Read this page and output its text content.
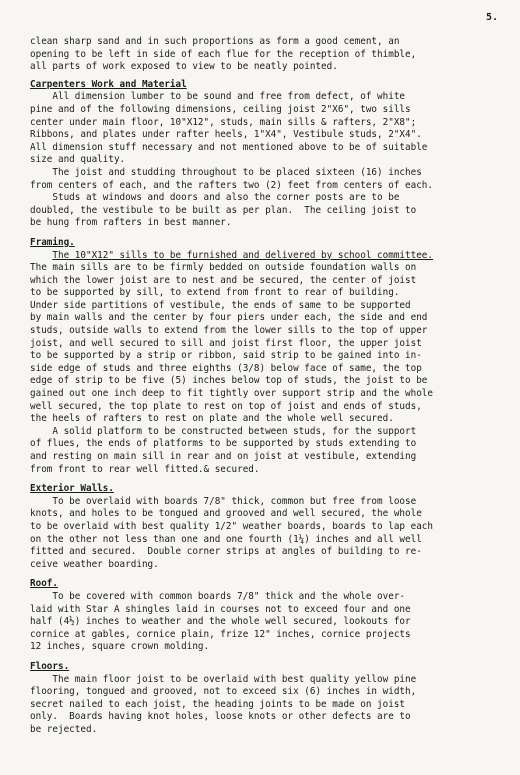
5.
clean sharp sand and in such proportions as form a good cement, an
opening to be left in side of each flue for the reception of thimble,
all parts of work exposed to view to be neatly pointed.
Carpenters Work and Material
All dimension lumber to be sound and free from defect, of white
pine and of the following dimensions, ceiling joist 2"X6", two sills
center under main floor, 10"X12", studs, main sills & rafters, 2"X8";
Ribbons, and plates under rafter heels, 1"X4", Vestibule studs, 2"X4".
All dimension stuff necessary and not mentioned above to be of suitable
size and quality.
The joist and studding throughout to be placed sixteen (16) inches
from centers of each, and the rafters two (2) feet from centers of each.
Studs at windows and doors and also the corner posts are to be
doubled, the vestibule to be built as per plan.  The ceiling joist to
be hung from rafters in best manner.
Framing.
The 10"X12" sills to be furnished and delivered by school committee.
The main sills are to be firmly bedded on outside foundation walls on
which the lower joist are to nest and be secured, the center of joist
to be supported by sill, to extend from front to rear of building.
Under side partitions of vestibule, the ends of same to be supported
by main walls and the center by four piers under each, the side and end
studs, outside walls to extend from the lower sills to the top of upper
joist, and well secured to sill and joist first floor, the upper joist
to be supported by a strip or ribbon, said strip to be gained into in-
side edge of studs and three eighths (3/8) below face of same, the top
edge of strip to be five (5) inches below top of studs, the joist to be
gained out one inch deep to fit tightly over support strip and the whole
well secured, the top plate to rest on top of joist and ends of studs,
the heels of rafters to rest on plate and the whole well secured.
A solid platform to be constructed between studs, for the support
of flues, the ends of platforms to be supported by studs extending to
and resting on main sill in rear and on joist at vestibule, extending
from front to rear well fitted.& secured.
Exterior Walls.
To be overlaid with boards 7/8" thick, common but free from loose
knots, and holes to be tongued and grooved and well secured, the whole
to be overlaid with best quality 1/2" weather boards, boards to lap each
on the other not less than one and one fourth (1¼) inches and all well
fitted and secured.  Double corner strips at angles of building to re-
ceive weather boarding.
Roof.
To be covered with common boards 7/8" thick and the whole over-
laid with Star A shingles laid in courses not to exceed four and one
half (4½) inches to weather and the whole well secured, lookouts for
cornice at gables, cornice plain, frize 12" inches, cornice projects
12 inches, square crown molding.
Floors.
The main floor joist to be overlaid with best quality yellow pine
flooring, tongued and grooved, not to exceed six (6) inches in width,
secret nailed to each joist, the heading joints to be made on joist
only.  Boards having knot holes, loose knots or other defects are to
be rejected.
